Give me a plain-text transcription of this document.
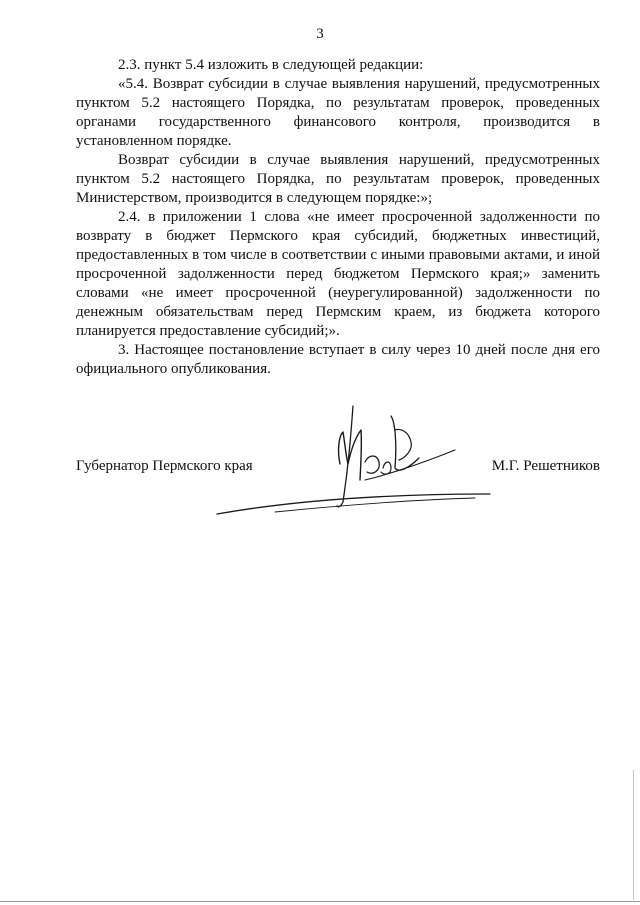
3

2.3. пункт 5.4 изложить в следующей редакции:

«5.4. Возврат субсидии в случае выявления нарушений, предусмотренных пунктом 5.2 настоящего Порядка, по результатам проверок, проведенных органами государственного финансового контроля, производится в установленном порядке.

Возврат субсидии в случае выявления нарушений, предусмотренных пунктом 5.2 настоящего Порядка, по результатам проверок, проведенных Министерством, производится в следующем порядке:»;

2.4. в приложении 1 слова «не имеет просроченной задолженности по возврату в бюджет Пермского края субсидий, бюджетных инвестиций, предоставленных в том числе в соответствии с иными правовыми актами, и иной просроченной задолженности перед бюджетом Пермского края;» заменить словами «не имеет просроченной (неурегулированной) задолженности по денежным обязательствам перед Пермским краем, из бюджета которого планируется предоставление субсидий;».

3. Настоящее постановление вступает в силу через 10 дней после дня его официального опубликования.

Губернатор Пермского края	М.Г. Решетников
